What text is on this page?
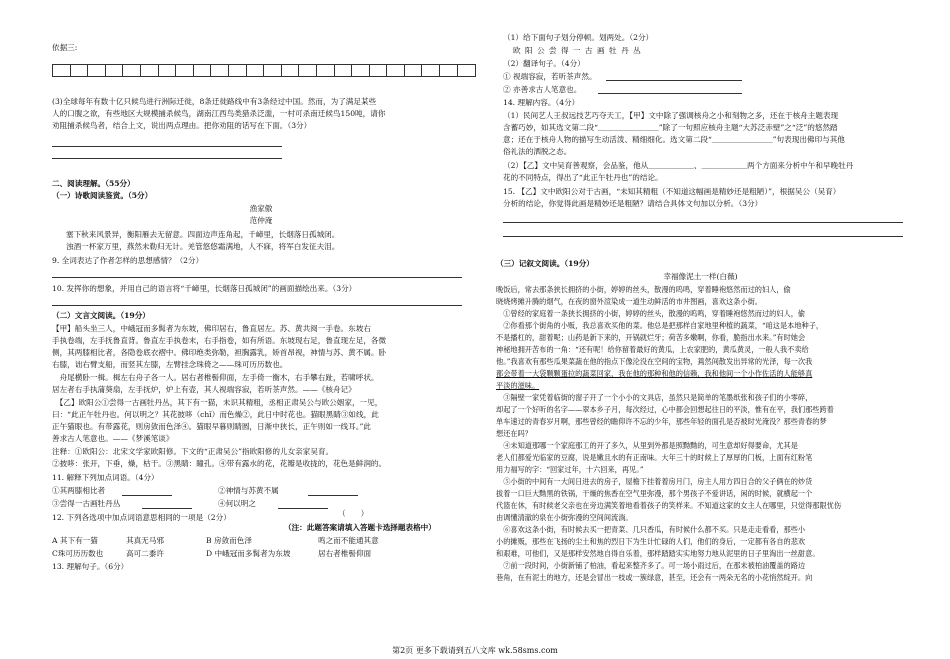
依据三:
(3)全球每年有数十亿只候鸟进行洲际迁徙，8条迁徙路线中有3条经过中国。然而，为了满足某些
人的口腹之欲，有些地区大规模捕杀候鸟，湖南江西鸟类猎杀泛滥，一村可杀南迁候鸟150吨，请你
劝阻捕杀候鸟者，结合上文，说出两点理由。把你劝阻的话写在下面。（3分）
二、阅读理解。（55分）
（一）诗歌阅读鉴赏。（5分）
渔家傲
范仲淹
塞下秋来风景异，衡阳雁去无留意。四面边声连角起，千嶂里，长烟落日孤城闭。
浊酒一杯家万里，燕然未勒归无计。羌管悠悠霜满地，人不寐，将军白发征夫泪。
9. 全词表达了作者怎样的思想感情？（2分）
10. 发挥你的想象，并用自己的语言将“千嶂里，长烟落日孤城闭”的画面描绘出来。（3分）
（二）文言文阅读。（19分）
【甲】船头坐三人，中峨冠而多髯者为东坡，佛印居右，鲁直居左。苏、黄共阅一手卷。东坡右
手执卷端，左手抚鲁直背。鲁直左手执卷末，右手指卷，如有所语。东坡现右足，鲁直现左足，各微
侧，其两膝相比者，各隐卷底衣褶中。佛印绝类弥勒，袒胸露乳，矫首昂视，神情与苏、黄不属。卧
右膝，诎右臂支船，而竖其左膝，左臂挂念珠倚之——珠可历历数也。
　舟尾横卧一楫。楫左右舟子各一人。居右者椎髻仰面，左手倚一衡木，右手攀右趾，若啸呼状。
居左者右手执蒲葵扇，左手抚炉，炉上有壶，其人视端容寂，若听茶声然。——《核舟记》
　【乙】欧阳公①尝得一古画牡丹丛，其下有一猫，未识其精粗，丞相正肃吴公与欧公姻家，一见，
曰：“此正午牡丹也。何以明之？其花披哆（chǐ）而色燥②，此日中时花也。猫眼黑睛③如线，此
正午猫眼也。有带露花，则房敛而色泽④。猫眼早暮则睛圆，日渐中狭长，正午则如一线耳。”此
善求古人笔意也。——《梦溪笔谈》
注释：①欧阳公：北宋文学家欧阳修。下文的“正肃吴公”指欧阳修的儿女亲家吴育。
②披哆：张开，下垂，燥，枯干。③黑睛：瞳孔。④带有露水的花，花瓣是收拢的，花色是鲜润的。
11. 解释下列加点词语。（4分）
①其两膝相比者	②神情与苏黄不属
③尝得一古画牡丹丛	④何以明之
12. 下列各选项中加点词语意思相同的一项是（2分）	（　　）
（注：此题答案请填入答题卡选择题表格中）
A 其下有一猫	其真无马邪	B 房敛而色泽	鸣之而不能通其意
C珠可历历数也	高可二黍许	D 中峨冠而多髯者为东坡	居右者椎髻仰面
13. 理解句子。（6分）
（1）给下面句子划分停顿。划两处。（2分）
欧 阳 公 尝 得 一 古 画 牡 丹 丛
（2）翻译句子。（4分）
① 视端容寂，若听茶声然。
② 亦善求古人笔意也。
14. 理解内容。（4分）
（1）民间艺人王叔远技艺巧夺天工，【甲】文中除了强调核舟之小和刻物之多，还在于核舟主题表现
含蓄巧妙，如其选文第二段“＿＿＿＿＿＿＿＿”除了一句照应核舟主题“大苏泛赤壁”之“泛”的悠然踏
意；还在于核舟人物的描写生动活泼、精细细化。选文第二段“＿＿＿＿＿＿＿＿”句表现出佛印与其他
俗礼法的洒脱之态。
（2）【乙】文中吴育善观察，会品鉴，他从＿＿＿＿＿＿、＿＿＿＿＿＿两个方面来分析中午和早晚牡丹
花的不同特点，得出了“此正午牡丹也”的结论。
15. 【乙】文中欧阳公对于古画，“未知其精粗（不知道这幅画是精妙还是粗陋）”，根据吴公（吴育）
分析的结论，你觉得此画是精妙还是粗陋？请结合具体文句加以分析。（3分）
（三）记叙文阅读。（19分）
幸福像泥土一样(白薇)
晚饭后，常去那条狭长拥挤的小街，婷婷的丝头，散漫的呜鸣，穿着睡袍悠然而过的妇人，偷
晓烧烤摊升腾的烟气，在夜的窗外渲染成一道生动鲜活的市井图画，喜欢这条小街。
　①曾经的家庭着一条狭长拥挤的小街，婷婷的丝头，散漫的呜鸣，穿着睡袍悠然而过的妇人，偷
　②你看那个街角的小贩，我总喜欢买他的菜。他总是把那样自家地里种植的蔬菜，“咱这是本地种子，
不是播杠的，甜着呢；山药是新下来的，开锅就烂牙；荷苦多嫩啊，你看，脆指出水来。”有时她会
神秘地拥开苦布的一角：“还有呢！给你留着最好的黄瓜，上农家肥的，黄瓜黄灵，一般人我不卖给
他。”我喜欢有那些瓜果菜蔬在他的指点下像沦没在空间的宝物，蔫然间散发出异常的光泽，每一次我
都会带着一大袋颗颗蛋拉的蔬菜回家，我在他的那种和他的信赖，我和他间一个小作佐活的人能够真
平淡的滋味。
　③隔壁一家凭着临街的窗子开了一个小小的文具店，虽然只是简单的笔墨纸张和孩子们的小零碎，
却起了一个好听的名字——翠本乡子月，每次经过，心中都会回想起往日的平淡，惟有在平，我们那些跨着
单车速过的青春岁月啊，那些曾经的瞻仰许不忘的少年，那些年轻的面孔是否被时光淹没？那些青春的梦
想还在吗？
　④未知道那哪一个家庭那工的开了多久，从里到外都是照黝黝的，可生意却好得要命，尤其是
老人们都爱光临家的豆腐，说是嫩且水的有正南味。大年三十的时候上了厚厚的门板，上面有红粉笔
用力福写的字：“回家过年，十六回来，再见。”
　⑤小街的中间有一大间日进去的房子，屋檐下挂着着房月门，房主人用方四日合的父子俩在的炒货
拔着一口巨大黝黑的铁锅，干燥的焦香在空气里弥漫，那个男孩子不爱讲话，闲的时候，就横起一个
代篮在休，有时候老父亲也在旁边满笑着地看着孩子的笑样来。不知道这家的女主人在哪里，只觉得那限忧伤
由调懂清澈的泉在小街弥漫的空间间流淌。
　⑥喜欢这条小街，有时候去买一把青菜、几只香瓜，有时候什么都不买。只是走走看看，那些小
小的摊贩，那些在飞扬的尘土和焦的烈日下为生计忙碌的人们，他们的身后，一定都有各自的悲欢
和艰难，可他们，又是那样安然地自得自乐着，那样踏踏实实地努力地从泥里的日子里淘出一丝甜意。
　⑦前一段时间，小街新铺了柏油，看起来整齐多了。可一场小雨过后，在那未被柏油覆盖的路边
巷角，在有泥土的地方，还是会冒出一枝或一簇绿意，甚至，还会有一两朵无名的小花悄然绽开。向
第2页 更多下载请到五八文库 wk.58sms.com
